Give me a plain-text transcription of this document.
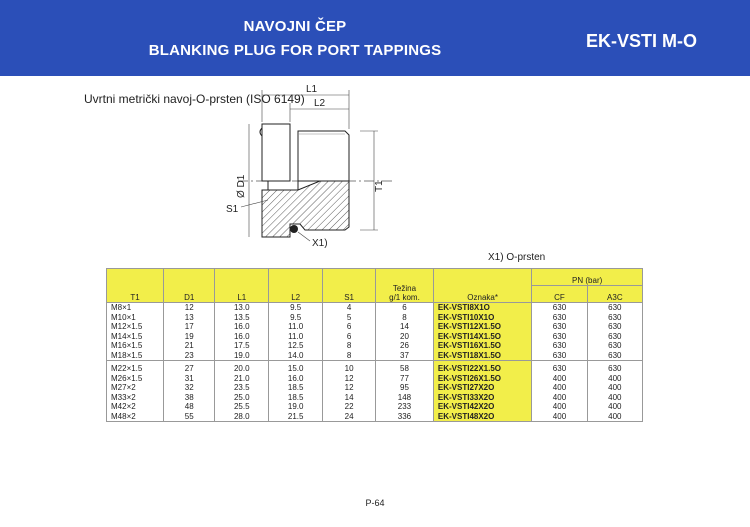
NAVOJNI ČEP
BLANKING PLUG FOR PORT TAPPINGS	EK-VSTI M-O
Uvrtni metrički navoj-O-prsten (ISO 6149)
L1
L2
Ø D1	T1
S1
X1)
X1) O-prsten
T1	D1	L1	L2	S1	Težina
g/1 kom.	Oznaka*	PN (bar)	
							CF	A3C
M8×1	12	13.0	9.5	4	6	EK-VSTI8X1O	630	630
M10×1	13	13.5	9.5	5	8	EK-VSTI10X1O	630	630
M12×1.5	17	16.0	11.0	6	14	EK-VSTI12X1.5O	630	630
M14×1.5	19	16.0	11.0	6	20	EK-VSTI14X1.5O	630	630
M16×1.5	21	17.5	12.5	8	26	EK-VSTI16X1.5O	630	630
M18×1.5	23	19.0	14.0	8	37	EK-VSTI18X1.5O	630	630
M22×1.5	27	20.0	15.0	10	58	EK-VSTI22X1.5O	630	630
M26×1.5	31	21.0	16.0	12	77	EK-VSTI26X1.5O	400	400
M27×2	32	23.5	18.5	12	95	EK-VSTI27X2O	400	400
M33×2	38	25.0	18.5	14	148	EK-VSTI33X2O	400	400
M42×2	48	25.5	19.0	22	233	EK-VSTI42X2O	400	400
M48×2	55	28.0	21.5	24	336	EK-VSTI48X2O	400	400
P-64
